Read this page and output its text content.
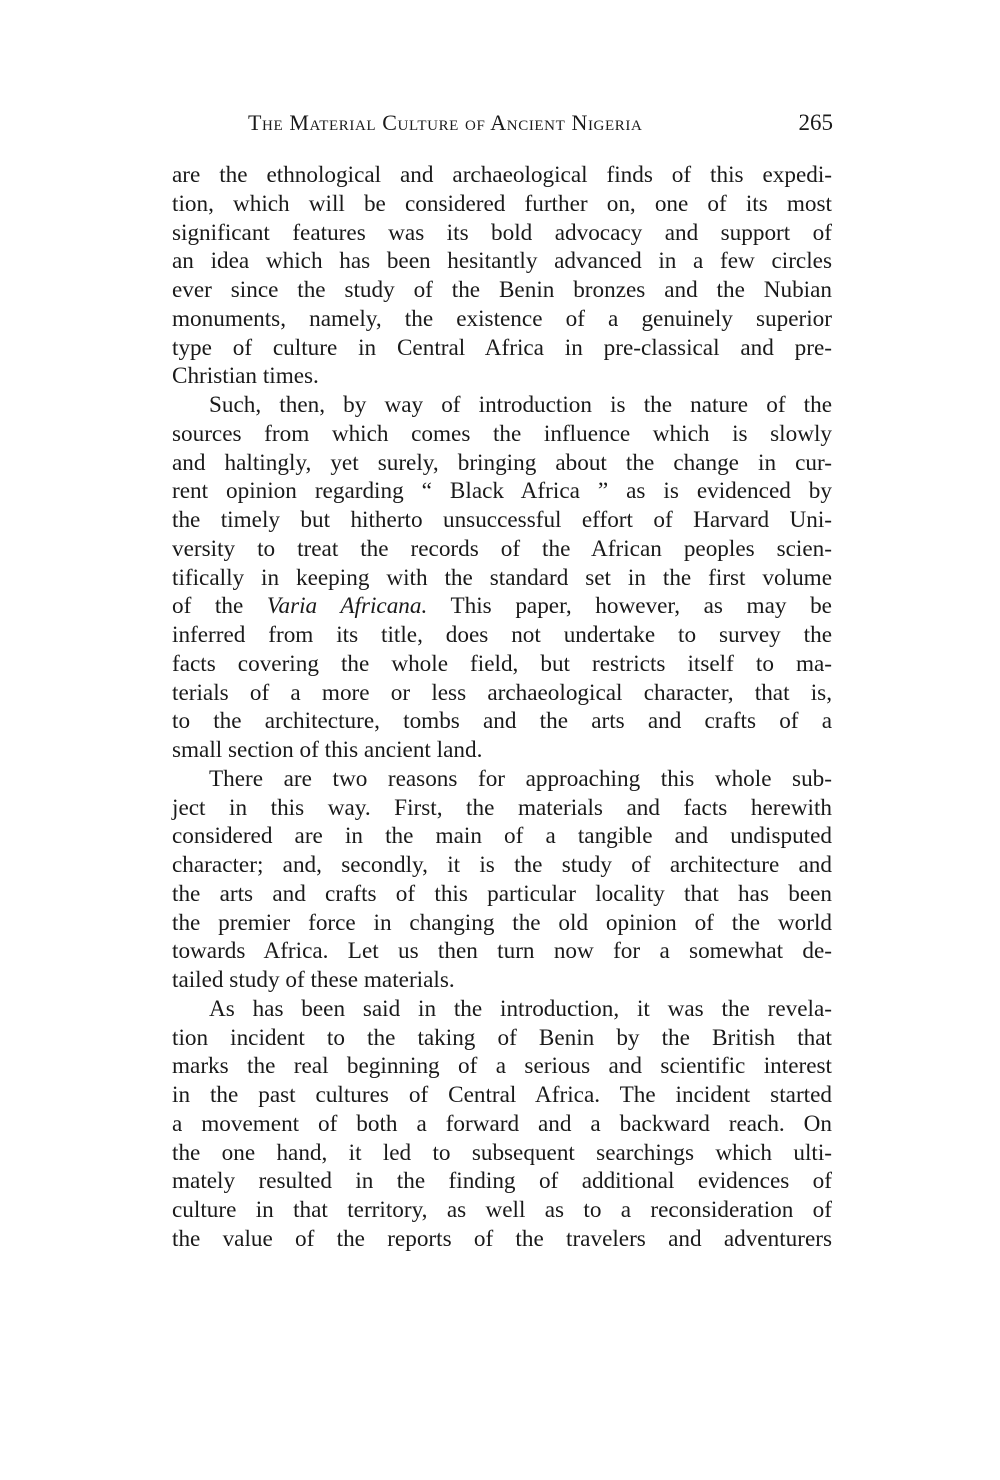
The Material Culture of Ancient Nigeria	265
are the ethnological and archaeological finds of this expedi-
tion, which will be considered further on, one of its most
significant features was its bold advocacy and support of
an idea which has been hesitantly advanced in a few circles
ever since the study of the Benin bronzes and the Nubian
monuments, namely, the existence of a genuinely superior
type of culture in Central Africa in pre-classical and pre-
Christian times.
Such, then, by way of introduction is the nature of the
sources from which comes the influence which is slowly
and haltingly, yet surely, bringing about the change in cur-
rent opinion regarding “ Black Africa ” as is evidenced by
the timely but hitherto unsuccessful effort of Harvard Uni-
versity to treat the records of the African peoples scien-
tifically in keeping with the standard set in the first volume
of the Varia Africana. This paper, however, as may be
inferred from its title, does not undertake to survey the
facts covering the whole field, but restricts itself to ma-
terials of a more or less archaeological character, that is,
to the architecture, tombs and the arts and crafts of a
small section of this ancient land.
There are two reasons for approaching this whole sub-
ject in this way. First, the materials and facts herewith
considered are in the main of a tangible and undisputed
character; and, secondly, it is the study of architecture and
the arts and crafts of this particular locality that has been
the premier force in changing the old opinion of the world
towards Africa. Let us then turn now for a somewhat de-
tailed study of these materials.
As has been said in the introduction, it was the revela-
tion incident to the taking of Benin by the British that
marks the real beginning of a serious and scientific interest
in the past cultures of Central Africa. The incident started
a movement of both a forward and a backward reach. On
the one hand, it led to subsequent searchings which ulti-
mately resulted in the finding of additional evidences of
culture in that territory, as well as to a reconsideration of
the value of the reports of the travelers and adventurers
